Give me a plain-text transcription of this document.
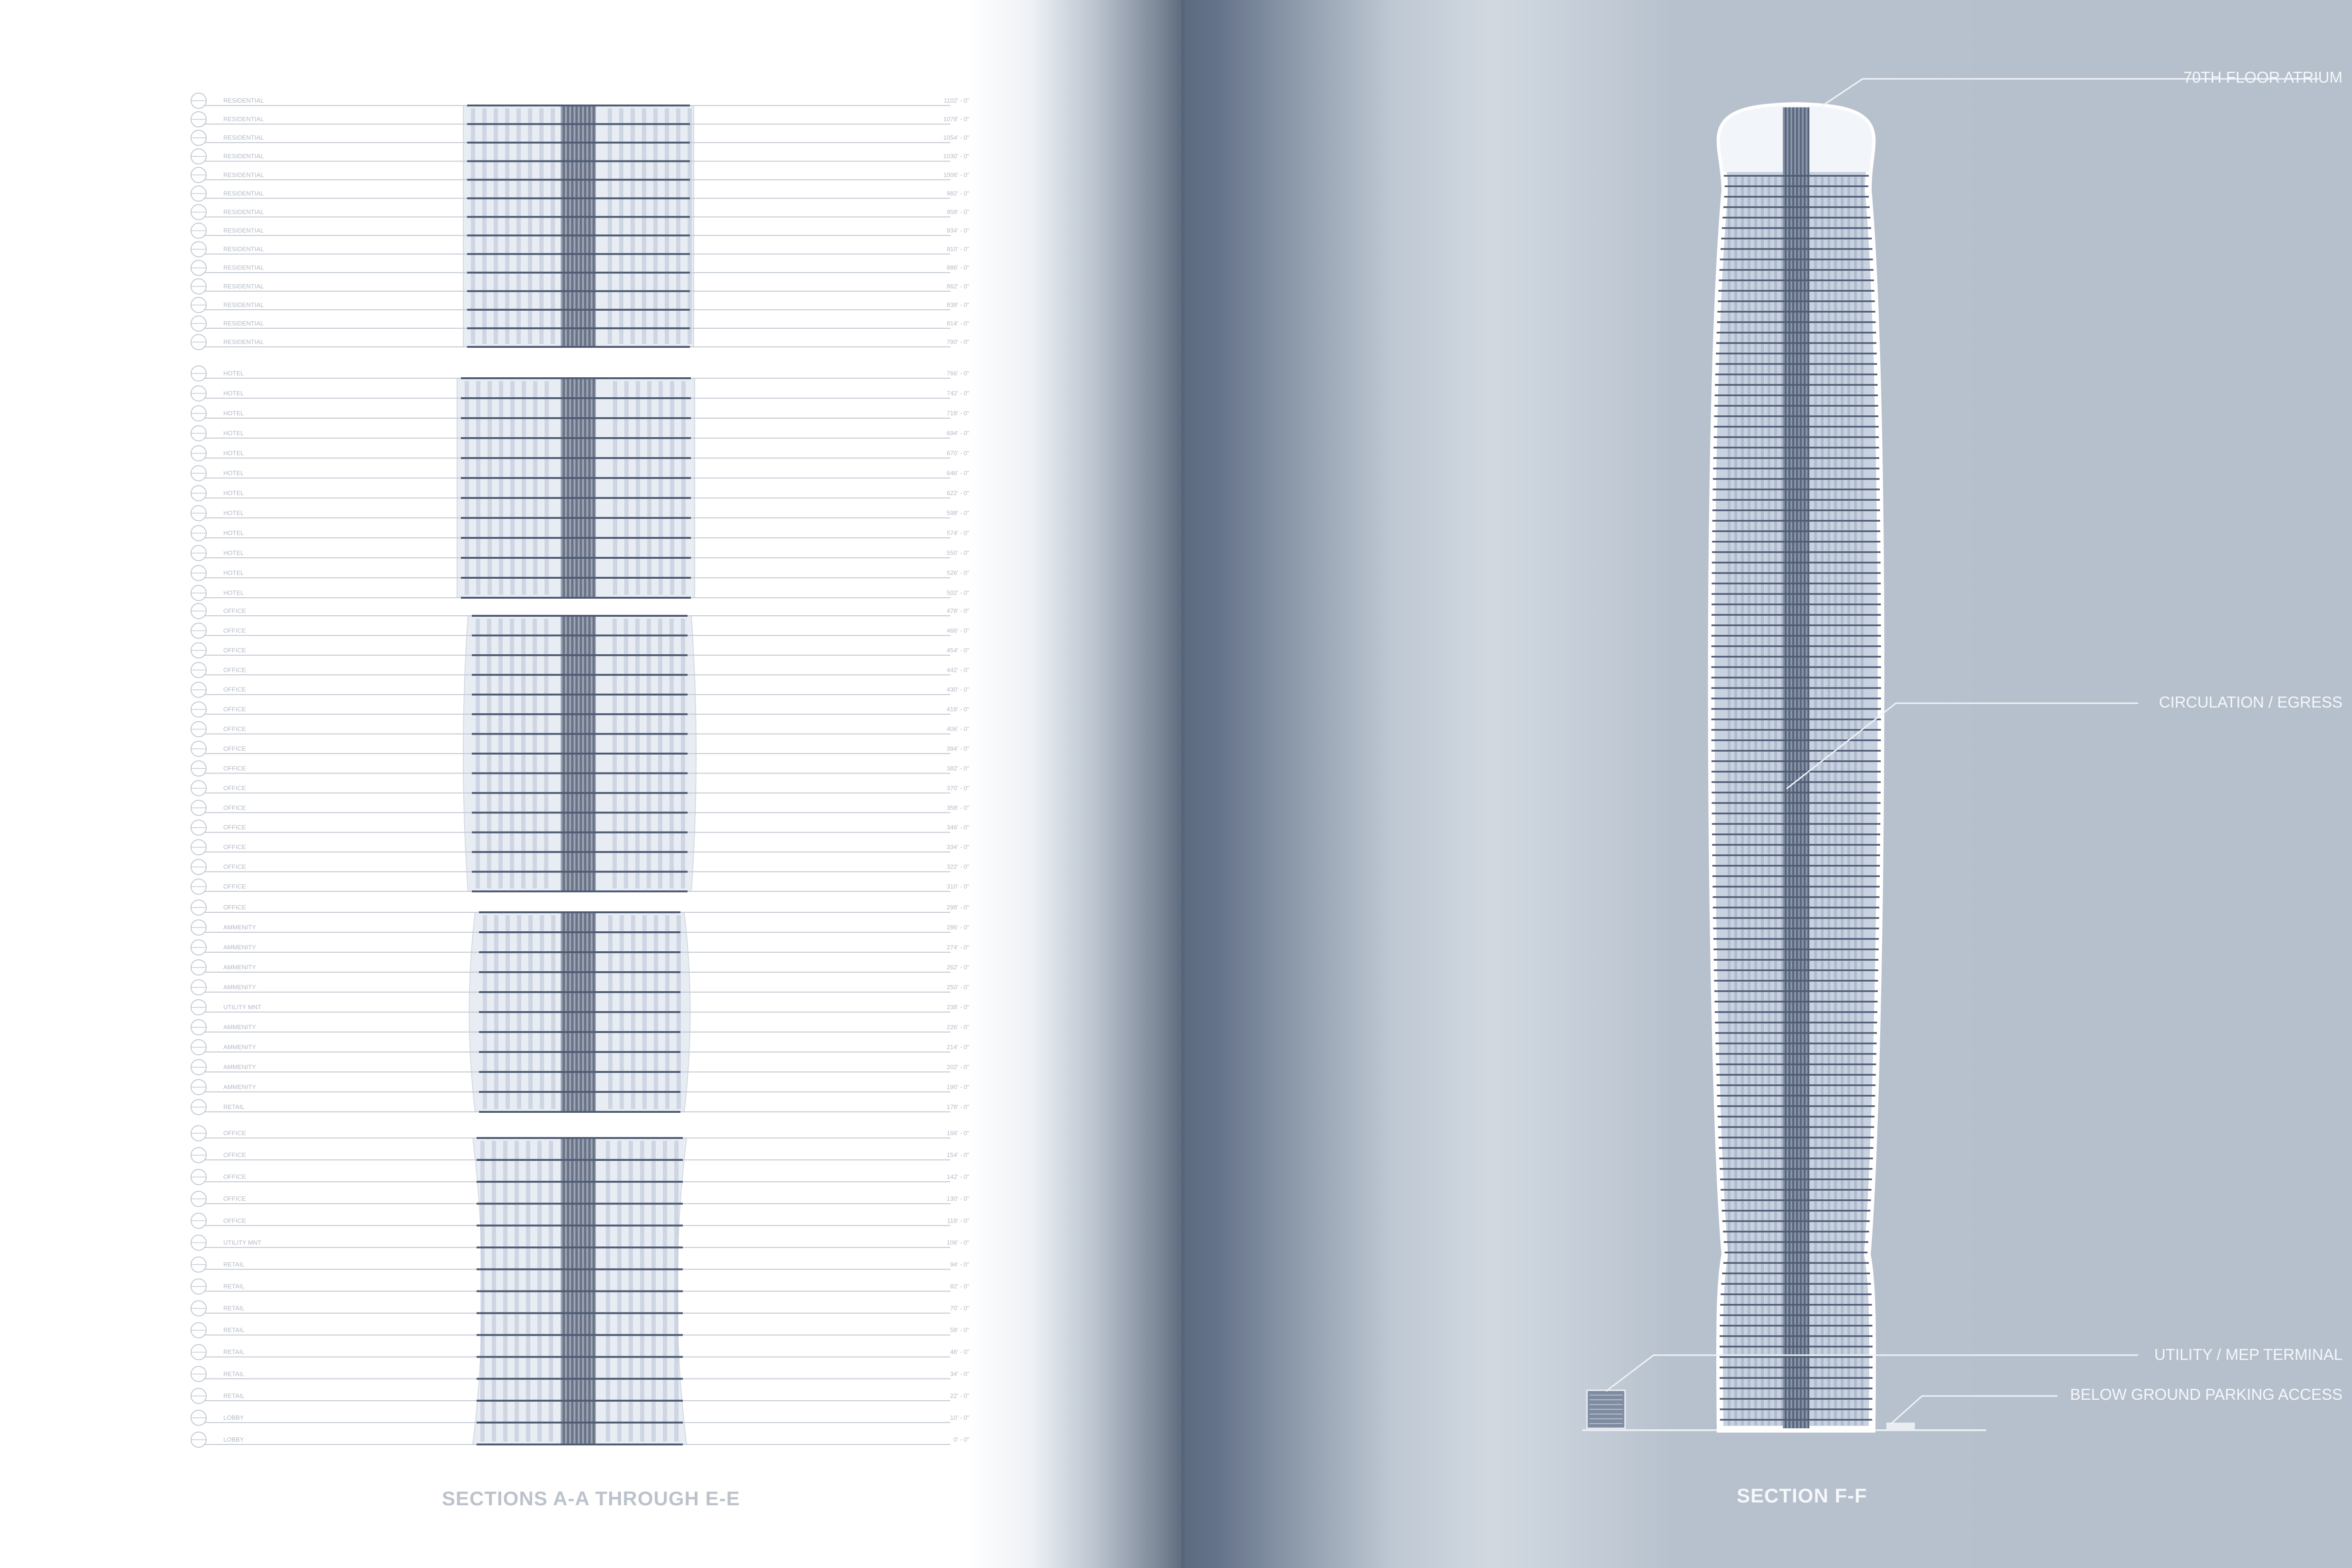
RESIDENTIAL	1102' - 0"
RESIDENTIAL	1078' - 0"
RESIDENTIAL	1054' - 0"
RESIDENTIAL	1030' - 0"
RESIDENTIAL	1006' - 0"
RESIDENTIAL	982' - 0"
RESIDENTIAL	958' - 0"
RESIDENTIAL	934' - 0"
RESIDENTIAL	910' - 0"
RESIDENTIAL	886' - 0"
RESIDENTIAL	862' - 0"
RESIDENTIAL	838' - 0"
RESIDENTIAL	814' - 0"
RESIDENTIAL	790' - 0"
HOTEL	766' - 0"
HOTEL	742' - 0"
HOTEL	718' - 0"
HOTEL	694' - 0"
HOTEL	670' - 0"
HOTEL	646' - 0"
HOTEL	622' - 0"
HOTEL	598' - 0"
HOTEL	574' - 0"
HOTEL	550' - 0"
HOTEL	526' - 0"
HOTEL	502' - 0"
OFFICE	478' - 0"
OFFICE	466' - 0"
OFFICE	454' - 0"
OFFICE	442' - 0"
OFFICE	430' - 0"
OFFICE	418' - 0"
OFFICE	406' - 0"
OFFICE	394' - 0"
OFFICE	382' - 0"
OFFICE	370' - 0"
OFFICE	358' - 0"
OFFICE	346' - 0"
OFFICE	334' - 0"
OFFICE	322' - 0"
OFFICE	310' - 0"
OFFICE	298' - 0"
AMMENITY	286' - 0"
AMMENITY	274' - 0"
AMMENITY	262' - 0"
AMMENITY	250' - 0"
UTILITY MNT	238' - 0"
AMMENITY	226' - 0"
AMMENITY	214' - 0"
AMMENITY	202' - 0"
AMMENITY	190' - 0"
RETAIL	178' - 0"
OFFICE	166' - 0"
OFFICE	154' - 0"
OFFICE	142' - 0"
OFFICE	130' - 0"
OFFICE	118' - 0"
UTILITY MNT	106' - 0"
RETAIL	94' - 0"
RETAIL	82' - 0"
RETAIL	70' - 0"
RETAIL	58' - 0"
RETAIL	46' - 0"
RETAIL	34' - 0"
RETAIL	22' - 0"
LOBBY	10' - 0"
LOBBY	0' - 0"

SECTIONS A-A THROUGH E-E	SECTION F-F

70TH FLOOR ATRIUM
CIRCULATION / EGRESS
UTILITY / MEP TERMINAL
BELOW GROUND PARKING ACCESS
